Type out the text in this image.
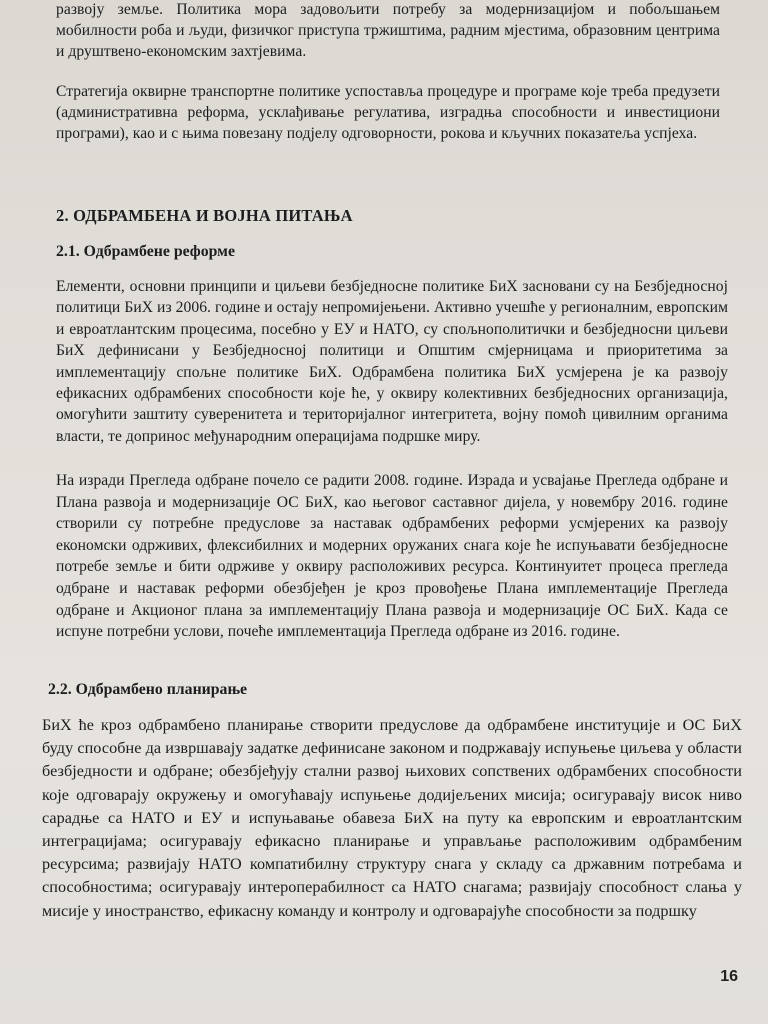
развоју земље. Политика мора задовољити потребу за модернизацијом и побољшањем мобилности роба и људи, физичког приступа тржиштима, радним мјестима, образовним центрима и друштвено-економским захтјевима.

Стратегија оквирне транспортне политике успоставља процедуре и програме које треба предузети (административна реформа, усклађивање регулатива, изградња способности и инвестициони програми), као и с њима повезану подјелу одговорности, рокова и кључних показатеља успјеха.

2. ОДБРАМБЕНА И ВОЈНА ПИТАЊА
2.1. Одбрамбене реформе

Елементи, основни принципи и циљеви безбједносне политике БиХ засновани су на Безбједносној политици БиХ из 2006. године и остају непромијењени. Активно учешће у регионалним, европским и евроатлантским процесима, посебно у ЕУ и НАТО, су спољнополитички и безбједносни циљеви БиХ дефинисани у Безбједносној политици и Општим смјерницама и приоритетима за имплементацију спољне политике БиХ. Одбрамбена политика БиХ усмјерена је ка развоју ефикасних одбрамбених способности које ће, у оквиру колективних безбједносних организација, омогућити заштиту суверенитета и територијалног интегритета, војну помоћ цивилним органима власти, те допринос међународним операцијама подршке миру.

На изради Прегледа одбране почело се радити 2008. године. Израда и усвајање Прегледа одбране и Плана развоја и модернизације ОС БиХ, као његовог саставног дијела, у новембру 2016. године створили су потребне предуслове за наставак одбрамбених реформи усмјерених ка развоју економски одрживих, флексибилних и модерних оружаних снага које ће испуњавати безбједносне потребе земље и бити одрживе у оквиру расположивих ресурса. Континуитет процеса прегледа одбране и наставак реформи обезбјеђен је кроз провођење Плана имплементације Прегледа одбране и Акционог плана за имплементацију Плана развоја и модернизације ОС БиХ. Када се испуне потребни услови, почеће имплементација Прегледа одбране из 2016. године.

2.2. Одбрамбено планирање

БиХ ће кроз одбрамбено планирање створити предуслове да одбрамбене институције и ОС БиХ буду способне да извршавају задатке дефинисане законом и подржавају испуњење циљева у области безбједности и одбране; обезбјеђују стални развој њихових сопствених одбрамбених способности које одговарају окружењу и омогућавају испуњење додијељених мисија; осигуравају висок ниво сарадње са НАТО и ЕУ и испуњавање обавеза БиХ на путу ка европским и евроатлантским интеграцијама; осигуравају ефикасно планирање и управљање расположивим одбрамбеним ресурсима; развијају НАТО компатибилну структуру снага у складу са државним потребама и способностима; осигуравају интероперабилност са НАТО снагама; развијају способност слања у мисије у иностранство, ефикасну команду и контролу и одговарајуће способности за подршку

16
